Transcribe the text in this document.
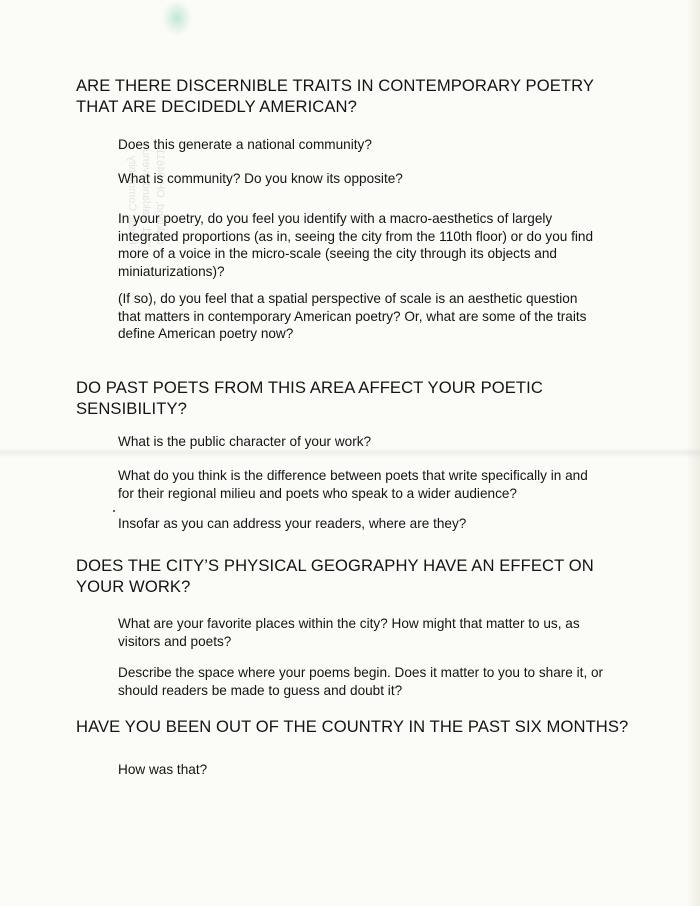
Oakland, OH 94611
361 Oakland Avenue
Poetic Community
ARE THERE DISCERNIBLE TRAITS IN CONTEMPORARY POETRY
THAT ARE DECIDEDLY AMERICAN?

Does this generate a national community?

What is community? Do you know its opposite?

In your poetry, do you feel you identify with a macro-aesthetics of largely
integrated proportions (as in, seeing the city from the 110th floor) or do you find
more of a voice in the micro-scale (seeing the city through its objects and
miniaturizations)?

(If so), do you feel that a spatial perspective of scale is an aesthetic question
that matters in contemporary American poetry? Or, what are some of the traits
define American poetry now?

DO PAST POETS FROM THIS AREA AFFECT YOUR POETIC
SENSIBILITY?

What is the public character of your work?

What do you think is the difference between poets that write specifically in and
for their regional milieu and poets who speak to a wider audience?

Insofar as you can address your readers, where are they?

DOES THE CITY’S PHYSICAL GEOGRAPHY HAVE AN EFFECT ON
YOUR WORK?

What are your favorite places within the city? How might that matter to us, as
visitors and poets?

Describe the space where your poems begin. Does it matter to you to share it, or
should readers be made to guess and doubt it?

HAVE YOU BEEN OUT OF THE COUNTRY IN THE PAST SIX MONTHS?

How was that?
